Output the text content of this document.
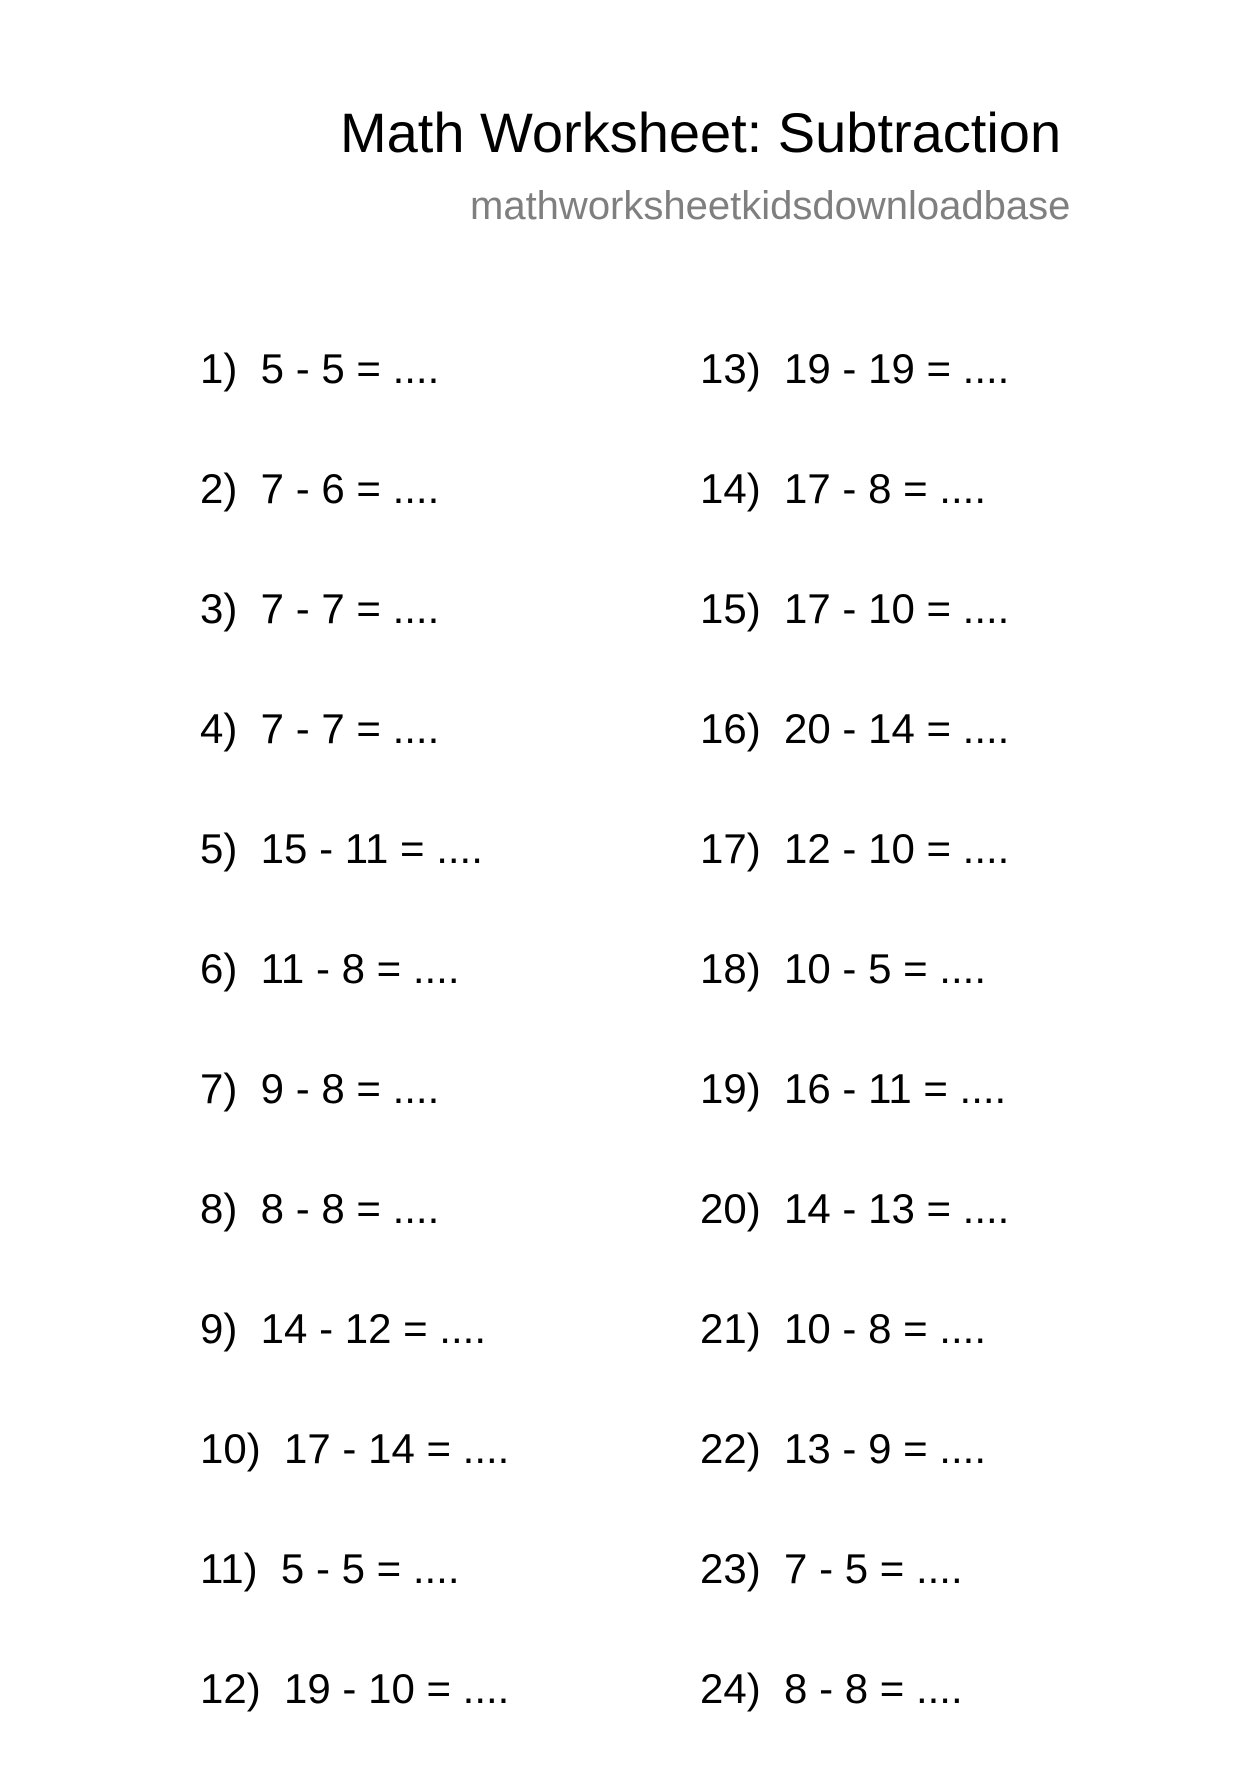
Math Worksheet: Subtraction
mathworksheetkidsdownloadbase
1)  5 - 5 = ....
2)  7 - 6 = ....
3)  7 - 7 = ....
4)  7 - 7 = ....
5)  15 - 11 = ....
6)  11 - 8 = ....
7)  9 - 8 = ....
8)  8 - 8 = ....
9)  14 - 12 = ....
10)  17 - 14 = ....
11)  5 - 5 = ....
12)  19 - 10 = ....
13)  19 - 19 = ....
14)  17 - 8 = ....
15)  17 - 10 = ....
16)  20 - 14 = ....
17)  12 - 10 = ....
18)  10 - 5 = ....
19)  16 - 11 = ....
20)  14 - 13 = ....
21)  10 - 8 = ....
22)  13 - 9 = ....
23)  7 - 5 = ....
24)  8 - 8 = ....
